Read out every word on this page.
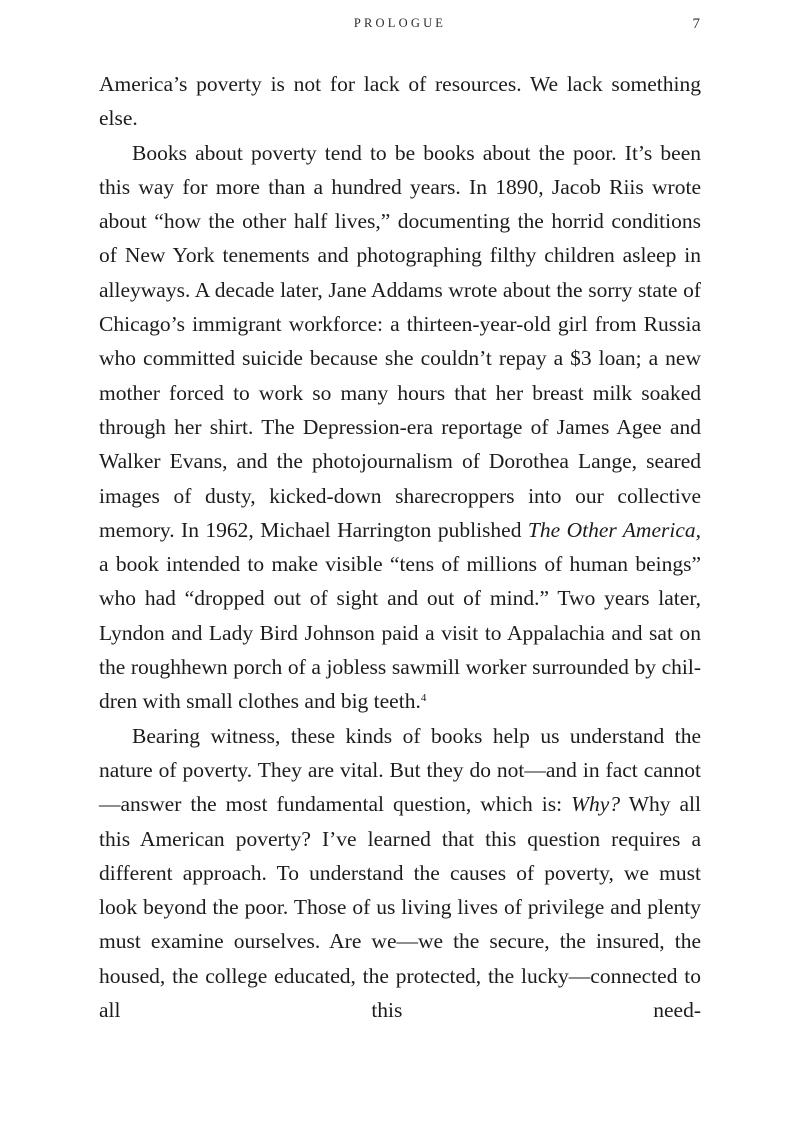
PROLOGUE	7

America’s poverty is not for lack of resources. We lack something else.

Books about poverty tend to be books about the poor. It’s been this way for more than a hundred years. In 1890, Jacob Riis wrote about “how the other half lives,” documenting the horrid conditions of New York tenements and photographing filthy children asleep in alleyways. A decade later, Jane Addams wrote about the sorry state of Chicago’s immigrant workforce: a thirteen-year-old girl from Russia who committed suicide because she couldn’t repay a $3 loan; a new mother forced to work so many hours that her breast milk soaked through her shirt. The Depression-era reportage of James Agee and Walker Evans, and the photojournalism of Dorothea Lange, seared images of dusty, kicked-down sharecroppers into our collective memory. In 1962, Michael Harrington published The Other America, a book intended to make visible “tens of millions of human beings” who had “dropped out of sight and out of mind.” Two years later, Lyndon and Lady Bird Johnson paid a visit to Appalachia and sat on the roughhewn porch of a jobless sawmill worker surrounded by children with small clothes and big teeth.$^4$

Bearing witness, these kinds of books help us understand the nature of poverty. They are vital. But they do not—and in fact cannot—answer the most fundamental question, which is: Why? Why all this American poverty? I’ve learned that this question requires a different approach. To understand the causes of poverty, we must look beyond the poor. Those of us living lives of privilege and plenty must examine ourselves. Are we—we the secure, the insured, the housed, the college educated, the protected, the lucky—connected to all this need-
